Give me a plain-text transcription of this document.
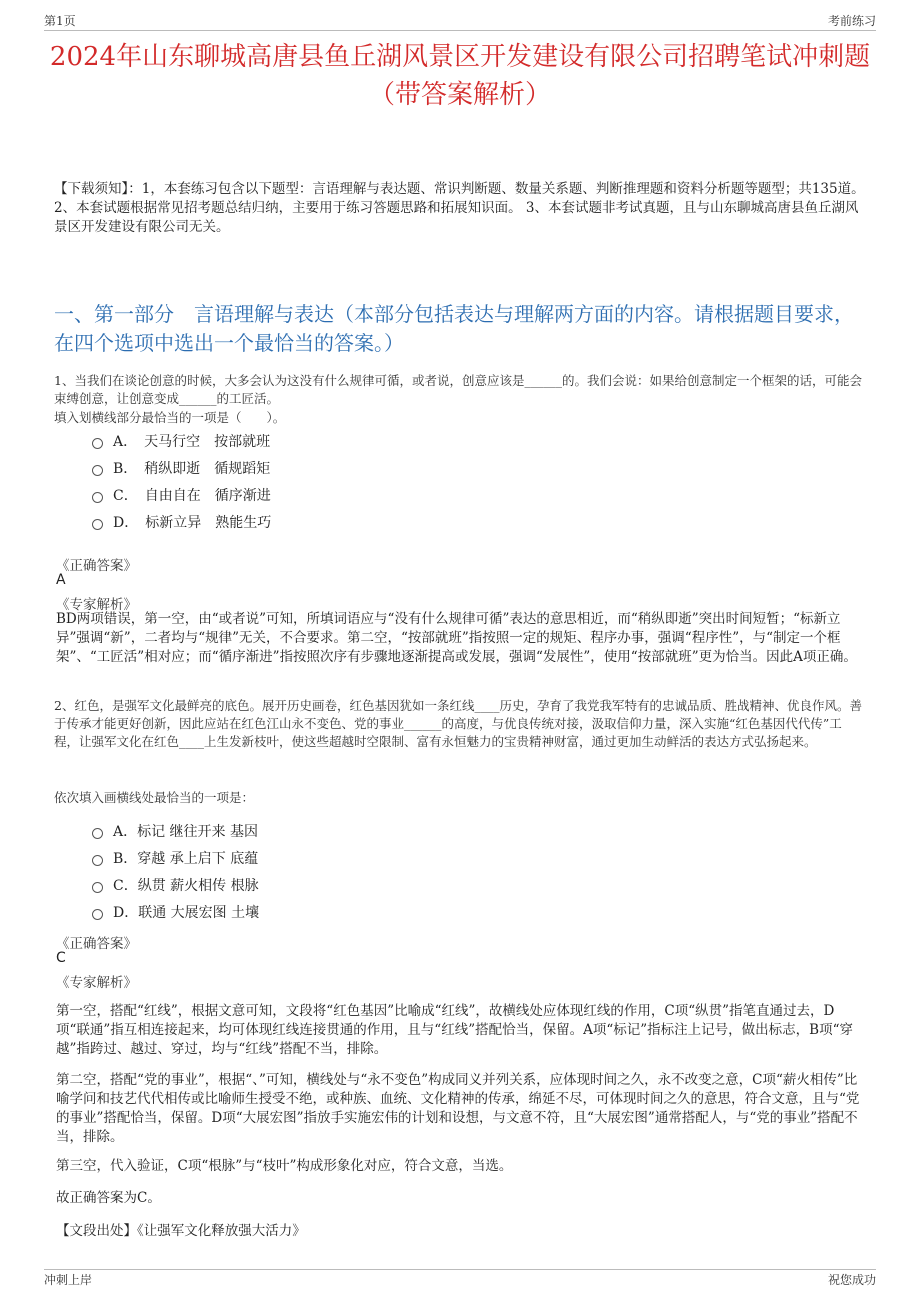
第1页	考前练习
2024年山东聊城高唐县鱼丘湖风景区开发建设有限公司招聘笔试冲刺题（带答案解析）
【下载须知】：1，本套练习包含以下题型：言语理解与表达题、常识判断题、数量关系题、判断推理题和资料分析题等题型；共135道。 2、本套试题根据常见招考题总结归纳，主要用于练习答题思路和拓展知识面。 3、本套试题非考试真题，且与山东聊城高唐县鱼丘湖风景区开发建设有限公司无关。
一、第一部分　言语理解与表达（本部分包括表达与理解两方面的内容。请根据题目要求，在四个选项中选出一个最恰当的答案。）
1、当我们在谈论创意的时候，大多会认为这没有什么规律可循，或者说，创意应该是______的。我们会说：如果给创意制定一个框架的话，可能会束缚创意，让创意变成______的工匠活。
填入划横线部分最恰当的一项是（　　）。
A．　天马行空　按部就班
B．　稍纵即逝　循规蹈矩
C．　自由自在　循序渐进
D．　标新立异　熟能生巧
《正确答案》
A
《专家解析》
BD两项错误，第一空，由“或者说”可知，所填词语应与“没有什么规律可循”表达的意思相近，而“稍纵即逝”突出时间短暂；“标新立异”强调“新”，二者均与“规律”无关，不合要求。第二空，“按部就班”指按照一定的规矩、程序办事，强调“程序性”，与“制定一个框架”、“工匠活”相对应；而“循序渐进”指按照次序有步骤地逐渐提高或发展，强调“发展性”，使用“按部就班”更为恰当。因此A项正确。
2、红色，是强军文化最鲜亮的底色。展开历史画卷，红色基因犹如一条红线____历史，孕育了我党我军特有的忠诚品质、胜战精神、优良作风。善于传承才能更好创新，因此应站在红色江山永不变色、党的事业______的高度，与优良传统对接，汲取信仰力量，深入实施“红色基因代代传”工程，让强军文化在红色____上生发新枝叶，使这些超越时空限制、富有永恒魅力的宝贵精神财富，通过更加生动鲜活的表达方式弘扬起来。
依次填入画横线处最恰当的一项是：
A．标记 继往开来 基因
B．穿越 承上启下 底蕴
C．纵贯 薪火相传 根脉
D．联通 大展宏图 土壤
《正确答案》
C
《专家解析》
第一空，搭配“红线”，根据文意可知，文段将“红色基因”比喻成“红线”，故横线处应体现红线的作用，C项“纵贯”指笔直通过去，D项“联通”指互相连接起来，均可体现红线连接贯通的作用，且与“红线”搭配恰当，保留。A项“标记”指标注上记号，做出标志，B项“穿越”指跨过、越过、穿过，均与“红线”搭配不当，排除。
第二空，搭配“党的事业”，根据“、”可知，横线处与“永不变色”构成同义并列关系，应体现时间之久，永不改变之意，C项“薪火相传”比喻学问和技艺代代相传或比喻师生授受不绝，或种族、血统、文化精神的传承，绵延不尽，可体现时间之久的意思，符合文意，且与“党的事业”搭配恰当，保留。D项“大展宏图”指放手实施宏伟的计划和设想，与文意不符，且“大展宏图”通常搭配人，与“党的事业”搭配不当，排除。
第三空，代入验证，C项“根脉”与“枝叶”构成形象化对应，符合文意，当选。
故正确答案为C。
【文段出处】《让强军文化释放强大活力》
冲刺上岸	祝您成功
